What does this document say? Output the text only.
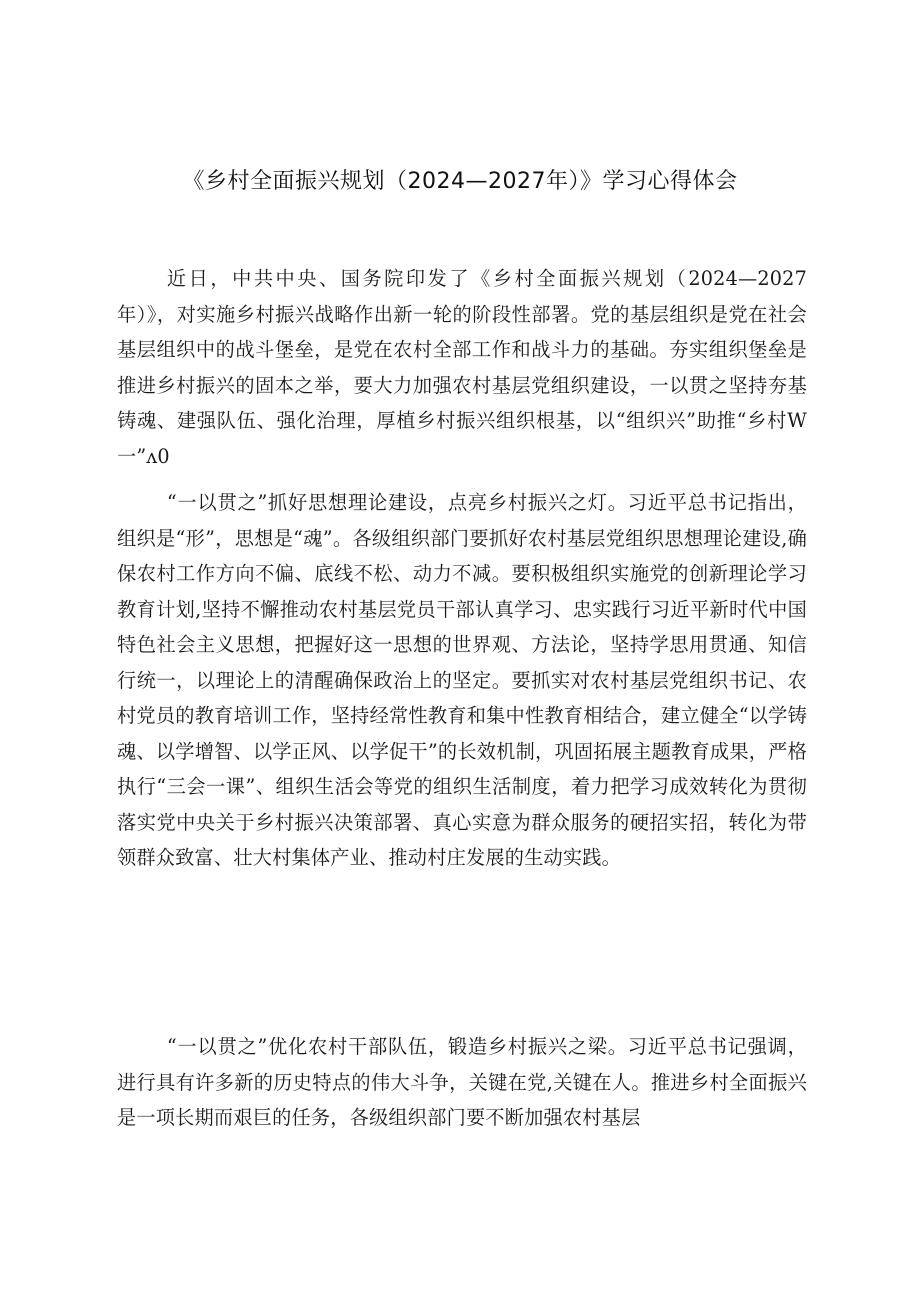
《乡村全面振兴规划（2024—2027年）》学习心得体会

近日，中共中央、国务院印发了《乡村全面振兴规划（2024—2027年）》，对实施乡村振兴战略作出新一轮的阶段性部署。党的基层组织是党在社会基层组织中的战斗堡垒，是党在农村全部工作和战斗力的基础。夯实组织堡垒是推进乡村振兴的固本之举，要大力加强农村基层党组织建设，一以贯之坚持夯基铸魂、建强队伍、强化治理，厚植乡村振兴组织根基，以“组织兴”助推“乡村W一”ʌ0

“一以贯之”抓好思想理论建设，点亮乡村振兴之灯。习近平总书记指出，组织是“形”，思想是“魂”。各级组织部门要抓好农村基层党组织思想理论建设,确保农村工作方向不偏、底线不松、动力不减。要积极组织实施党的创新理论学习教育计划,坚持不懈推动农村基层党员干部认真学习、忠实践行习近平新时代中国特色社会主义思想，把握好这一思想的世界观、方法论，坚持学思用贯通、知信行统一，以理论上的清醒确保政治上的坚定。要抓实对农村基层党组织书记、农村党员的教育培训工作，坚持经常性教育和集中性教育相结合，建立健全“以学铸魂、以学增智、以学正风、以学促干”的长效机制，巩固拓展主题教育成果，严格执行“三会一课”、组织生活会等党的组织生活制度，着力把学习成效转化为贯彻落实党中央关于乡村振兴决策部署、真心实意为群众服务的硬招实招，转化为带领群众致富、壮大村集体产业、推动村庄发展的生动实践。

“一以贯之”优化农村干部队伍，锻造乡村振兴之梁。习近平总书记强调，进行具有许多新的历史特点的伟大斗争，关键在党,关键在人。推进乡村全面振兴是一项长期而艰巨的任务，各级组织部门要不断加强农村基层
